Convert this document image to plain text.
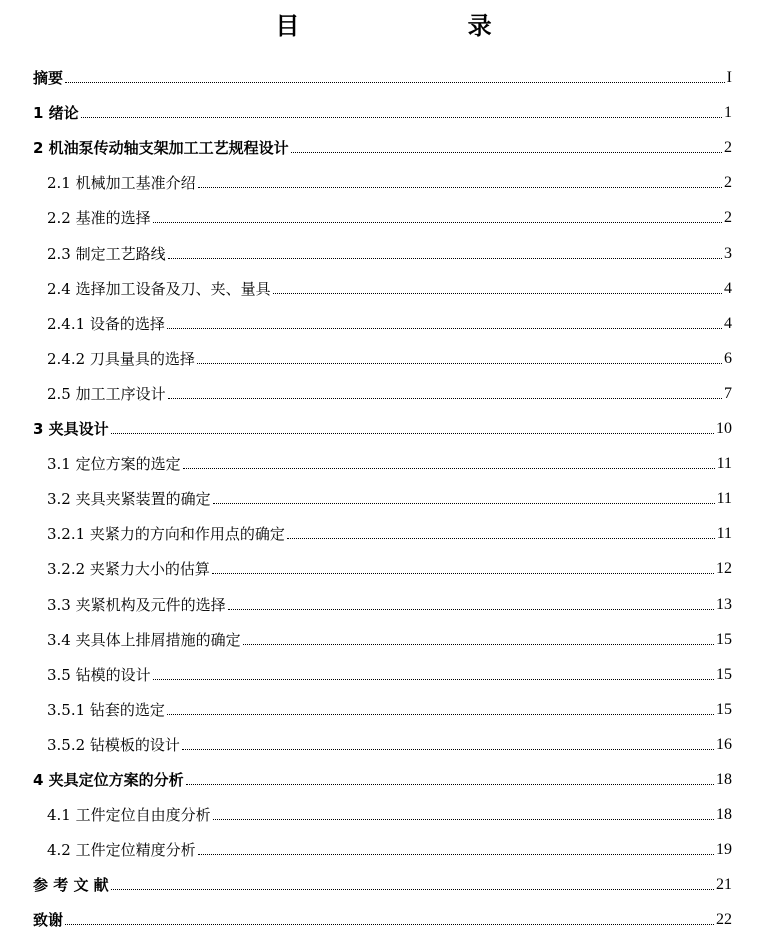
目 录
摘要	I
1 绪论	1
2 机油泵传动轴支架加工工艺规程设计	2
2.1 机械加工基准介绍	2
2.2 基准的选择	2
2.3 制定工艺路线	3
2.4 选择加工设备及刀、夹、量具	4
2.4.1 设备的选择	4
2.4.2 刀具量具的选择	6
2.5 加工工序设计	7
3 夹具设计	10
3.1 定位方案的选定	11
3.2 夹具夹紧装置的确定	11
3.2.1 夹紧力的方向和作用点的确定	11
3.2.2 夹紧力大小的估算	12
3.3 夹紧机构及元件的选择	13
3.4 夹具体上排屑措施的确定	15
3.5 钻模的设计	15
3.5.1 钻套的选定	15
3.5.2 钻模板的设计	16
4 夹具定位方案的分析	18
4.1 工件定位自由度分析	18
4.2 工件定位精度分析	19
参 考 文 献	21
致谢	22
